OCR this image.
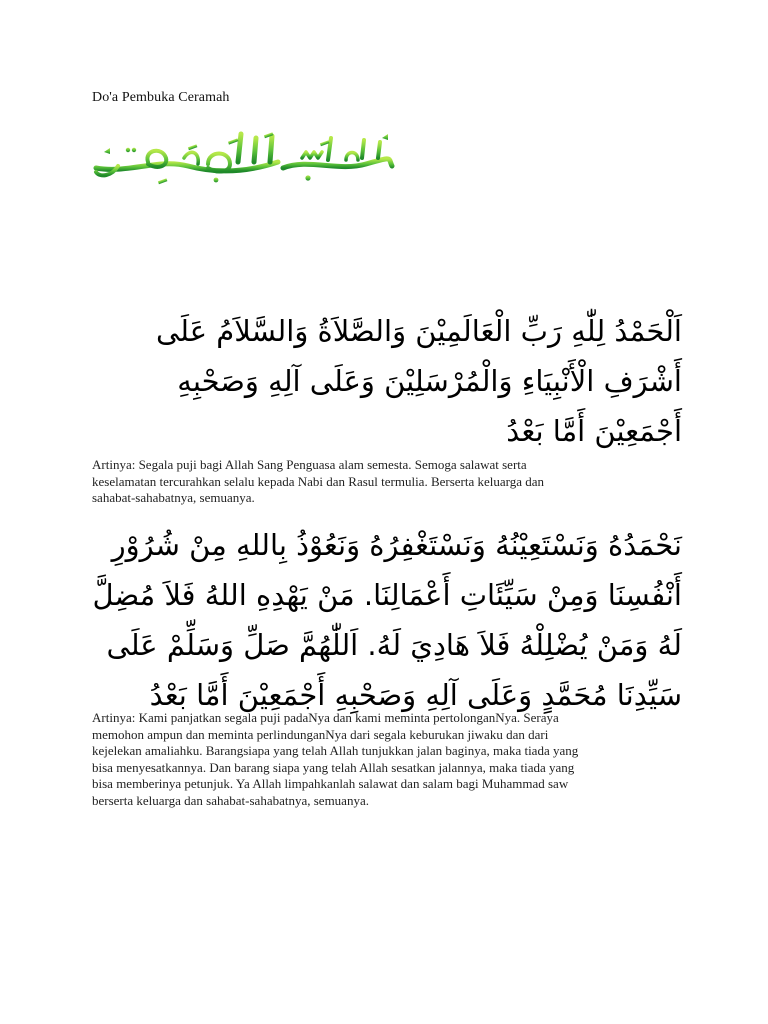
Do'a Pembuka Ceramah
اَلْحَمْدُ لِلّٰهِ رَبِّ الْعَالَمِيْنَ وَالصَّلاَةُ وَالسَّلاَمُ عَلَى
أَشْرَفِ الْأَنْبِيَاءِ وَالْمُرْسَلِيْنَ وَعَلَى آلِهِ وَصَحْبِهِ
أَجْمَعِيْنَ أَمَّا بَعْدُ
Artinya: Segala puji bagi Allah Sang Penguasa alam semesta. Semoga salawat serta
keselamatan tercurahkan selalu kepada Nabi dan Rasul termulia. Berserta keluarga dan
sahabat-sahabatnya, semuanya.
نَحْمَدُهُ وَنَسْتَعِيْنُهُ وَنَسْتَغْفِرُهُ وَنَعُوْذُ بِاللهِ مِنْ شُرُوْرِ
أَنْفُسِنَا وَمِنْ سَيِّئَاتِ أَعْمَالِنَا. مَنْ يَهْدِهِ اللهُ فَلاَ مُضِلَّ
لَهُ وَمَنْ يُضْلِلْهُ فَلاَ هَادِيَ لَهُ. اَللّٰهُمَّ صَلِّ وَسَلِّمْ عَلَى
سَيِّدِنَا مُحَمَّدٍ وَعَلَى آلِهِ وَصَحْبِهِ أَجْمَعِيْنَ أَمَّا بَعْدُ
Artinya: Kami panjatkan segala puji padaNya dan kami meminta pertolonganNya. Seraya
memohon ampun dan meminta perlindunganNya dari segala keburukan jiwaku dan dari
kejelekan amaliahku. Barangsiapa yang telah Allah tunjukkan jalan baginya, maka tiada yang
bisa menyesatkannya. Dan barang siapa yang telah Allah sesatkan jalannya, maka tiada yang
bisa memberinya petunjuk. Ya Allah limpahkanlah salawat dan salam bagi Muhammad saw
berserta keluarga dan sahabat-sahabatnya, semuanya.
